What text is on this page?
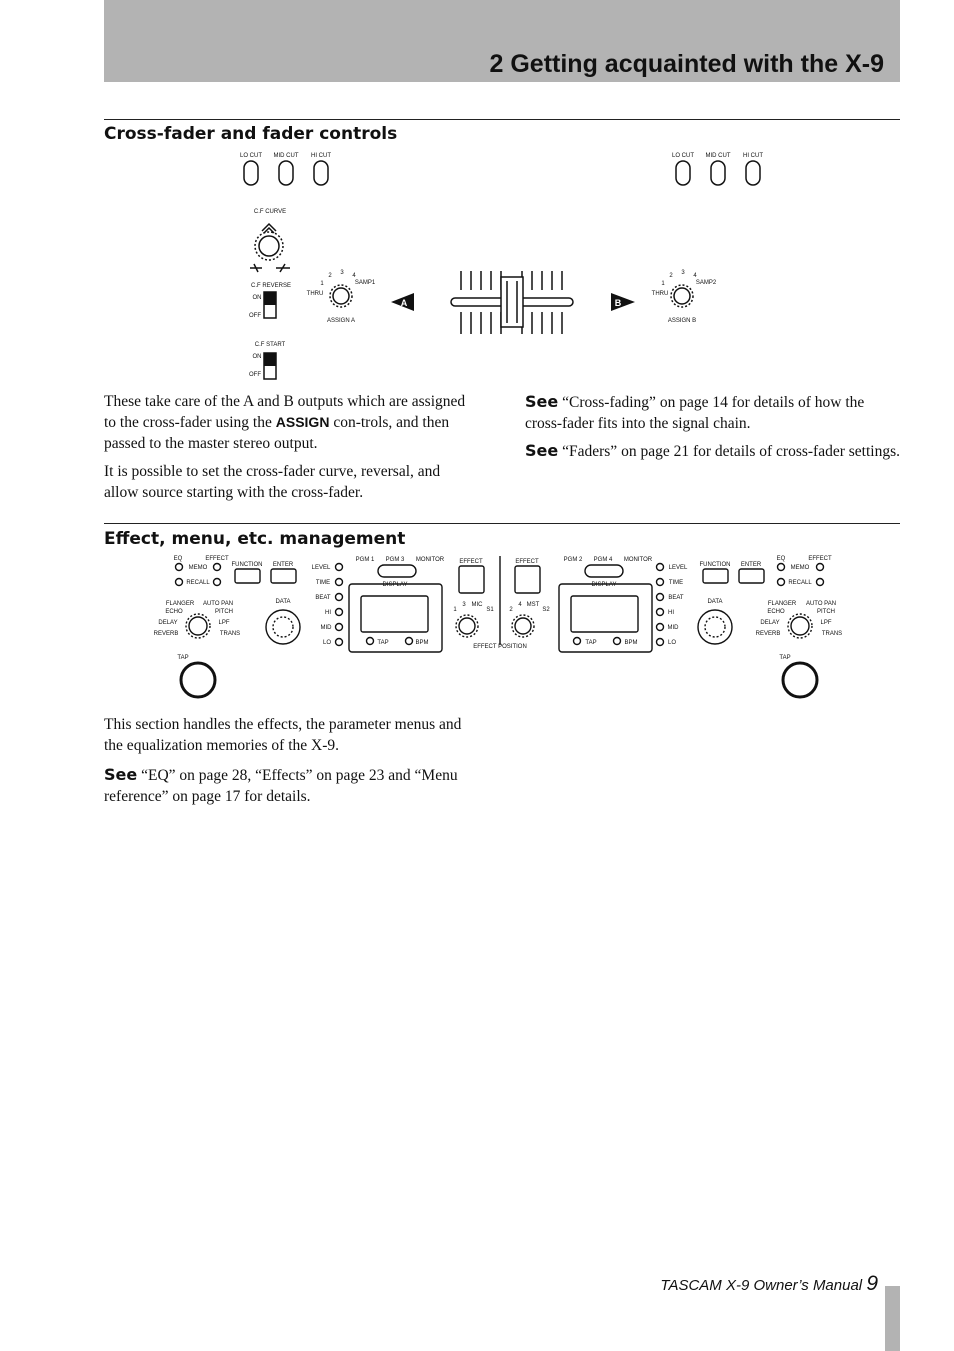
2 Getting acquainted with the X-9
Cross-fader and fader controls
A	B
LO CUT MID CUT HI CUT	LO CUT MID CUT HI CUT
C.F CURVE
C.F REVERSE
C.F START
ASSIGN A	ASSIGN B
ON
OFF
ON
OFF
THRU
SAMP1
1
2 3 4
THRU
SAMP2
1
2 3 4

These take care of the A and B outputs which are assigned to the cross-fader using the ASSIGN con-trols, and then passed to the master stereo output.

It is possible to set the cross-fader curve, reversal, and allow source starting with the cross-fader.

See “Cross-fading” on page 14 for details of how the cross-fader fits into the signal chain.

See “Faders” on page 21 for details of cross-fader settings.

Effect, menu, etc. management
EQ	EFFECT
MEMO
RECALL
FUNCTION ENTER
DATA
FLANGER AUTO PAN
ECHO	PITCH
DELAY	LPF
REVERB	TRANS
TAP
LEVEL
TIME
BEAT
HI
MID
LO
PGM 1 PGM 3 MONITOR
DISPLAY
TAP	BPM
EFFECT	EFFECT
3 MIC
1	S1
4 MST
2	S2
EFFECT POSITION
PGM 2 PGM 4 MONITOR
DISPLAY
TAP	BPM
LEVEL
TIME
BEAT
HI
MID
LO
FUNCTION ENTER
EQ	EFFECT
MEMO
RECALL
DATA	FLANGER AUTO PAN
ECHO	PITCH
DELAY	LPF
REVERB	TRANS
TAP

This section handles the effects, the parameter menus and the equalization memories of the X-9.

See “EQ” on page 28, “Effects” on page 23 and “Menu reference” on page 17 for details.

TASCAM X-9 Owner’s Manual 9
